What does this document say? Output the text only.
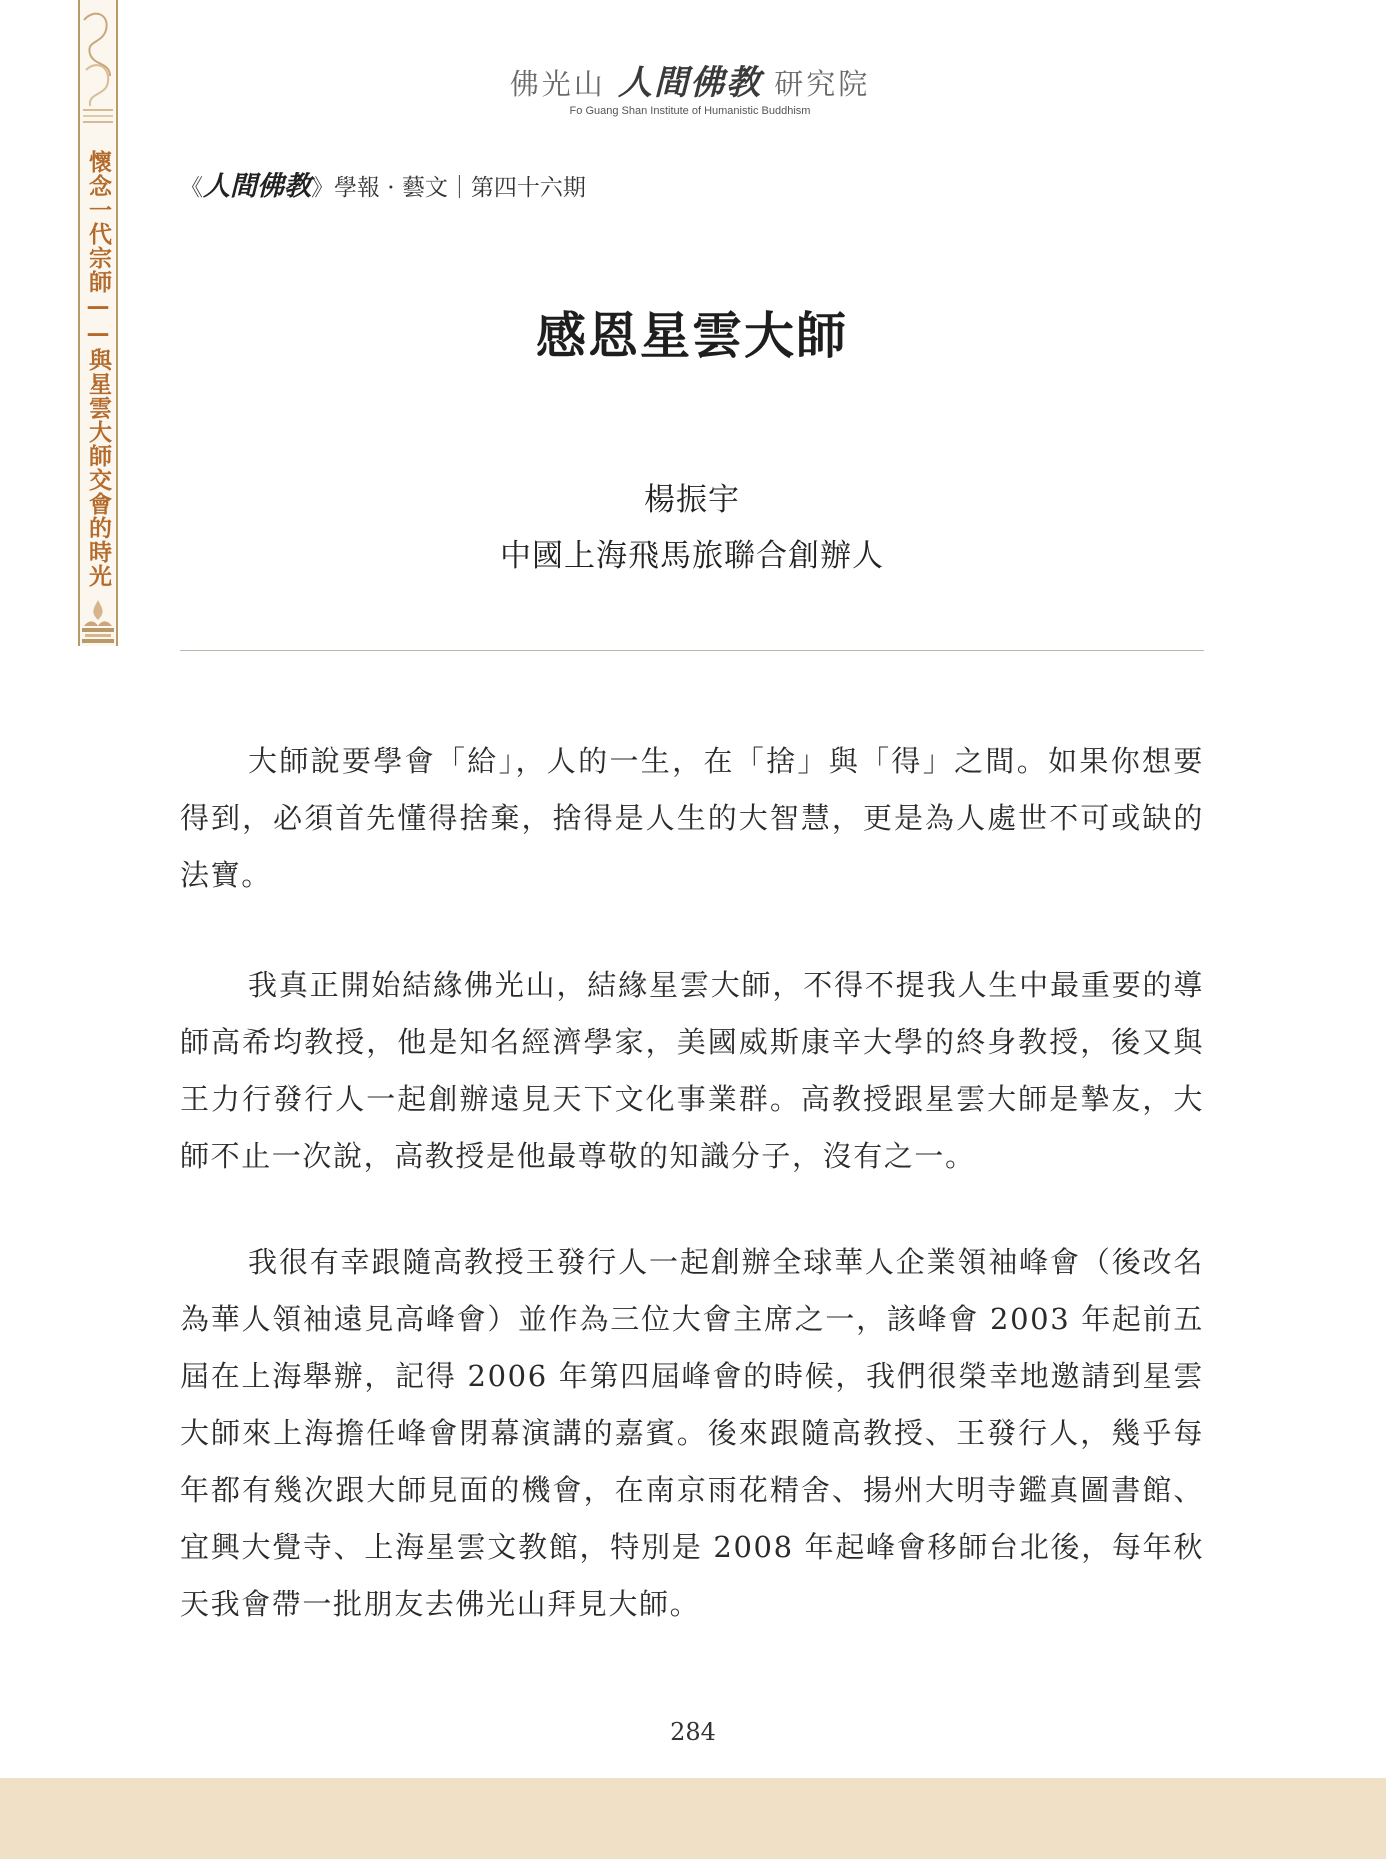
懷念一代宗師——與星雲大師交會的時光
佛光山 人間佛教 研究院
Fo Guang Shan Institute of Humanistic Buddhism
《人間佛教》學報 · 藝文｜第四十六期
感恩星雲大師
楊振宇
中國上海飛馬旅聯合創辦人

大師說要學會「給」，人的一生，在「捨」與「得」之間。如果你想要得到，必須首先懂得捨棄，捨得是人生的大智慧，更是為人處世不可或缺的法寶。

我真正開始結緣佛光山，結緣星雲大師，不得不提我人生中最重要的導師高希均教授，他是知名經濟學家，美國威斯康辛大學的終身教授，後又與王力行發行人一起創辦遠見天下文化事業群。高教授跟星雲大師是摯友，大師不止一次說，高教授是他最尊敬的知識分子，沒有之一。

我很有幸跟隨高教授王發行人一起創辦全球華人企業領袖峰會（後改名為華人領袖遠見高峰會）並作為三位大會主席之一，該峰會 2003 年起前五屆在上海舉辦，記得 2006 年第四屆峰會的時候，我們很榮幸地邀請到星雲大師來上海擔任峰會閉幕演講的嘉賓。後來跟隨高教授、王發行人，幾乎每年都有幾次跟大師見面的機會，在南京雨花精舍、揚州大明寺鑑真圖書館、宜興大覺寺、上海星雲文教館，特別是 2008 年起峰會移師台北後，每年秋天我會帶一批朋友去佛光山拜見大師。

284
